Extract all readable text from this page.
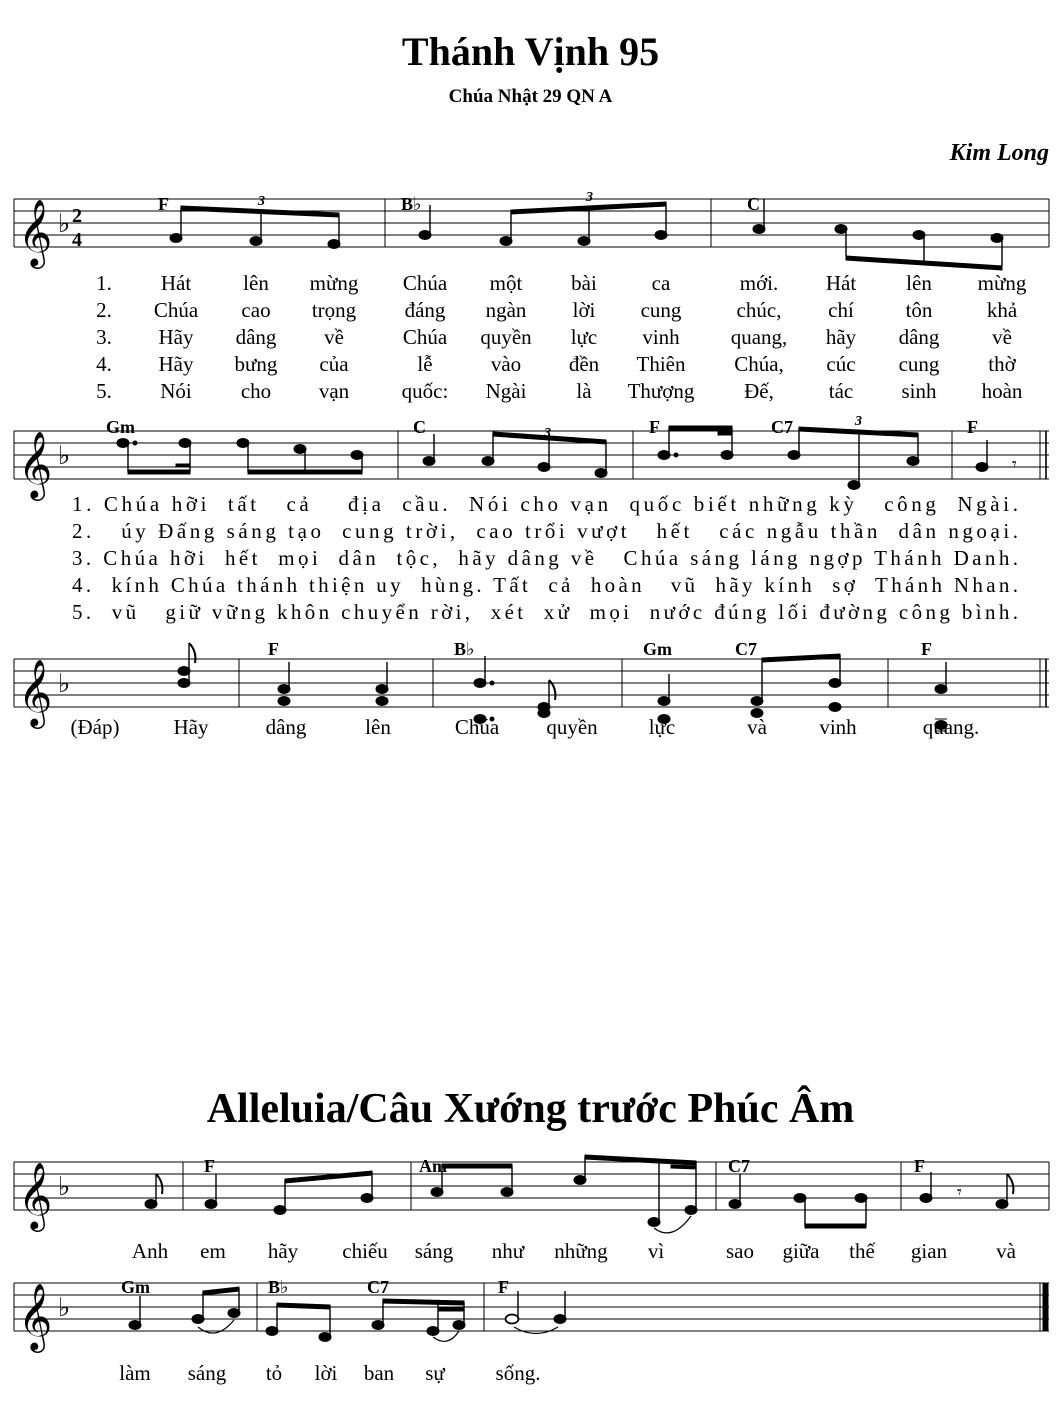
Thánh Vịnh 95
Chúa Nhật 29 QN A
Kim Long
Alleluia/Câu Xướng trước Phúc Âm
𝄞 ♭ 2
4
3	3
F	B♭	C
1. Hát lên mừng Chúa một bài	ca	mới. Hát lên mừng
2. Chúa cao trọng đáng ngàn lời cung	chúc, chí tôn	khả
3. Hãy dâng về	Chúa quyền lực vinh quang, hãy dâng	về
4. Hãy bưng của	lễ	vào đền Thiên Chúa, cúc cung thờ
5. Nói cho vạn	quốc: Ngài là Thượng Đế,	tác sinh hoàn
𝄞 ♭	𝄾
3
3
Gm	C	F	C7	F
1. Chúa hỡi  tất   cả    địa  cầu.  Nói cho vạn  quốc biết những kỳ   công  Ngài.
2.   úy Đấng sáng tạo  cung trời,  cao trổi vượt   hết   các ngẫu thần  dân ngoại.
3. Chúa hỡi  hết  mọi  dân  tộc,  hãy dâng về   Chúa sáng láng ngợp Thánh Danh.
4.  kính Chúa thánh thiện uy  hùng. Tất  cả  hoàn   vũ  hãy kính  sợ  Thánh Nhan.
5.  vũ   giữ vững khôn chuyển rời,  xét  xử  mọi  nước đúng lối đường công bình.
𝄞 ♭
F	B♭	Gm	C7	F
(Đáp)	Hãy	dâng	lên	Chúa quyền lực	và vinh	quang.
𝄞 ♭	𝄾
F	Am	C7	F
Anh em hãy chiếu sáng như những vì	sao giữa thế gian và
𝄞 ♭
Gm	B♭	C7	F
làm sáng tỏ lời ban sự sống.
